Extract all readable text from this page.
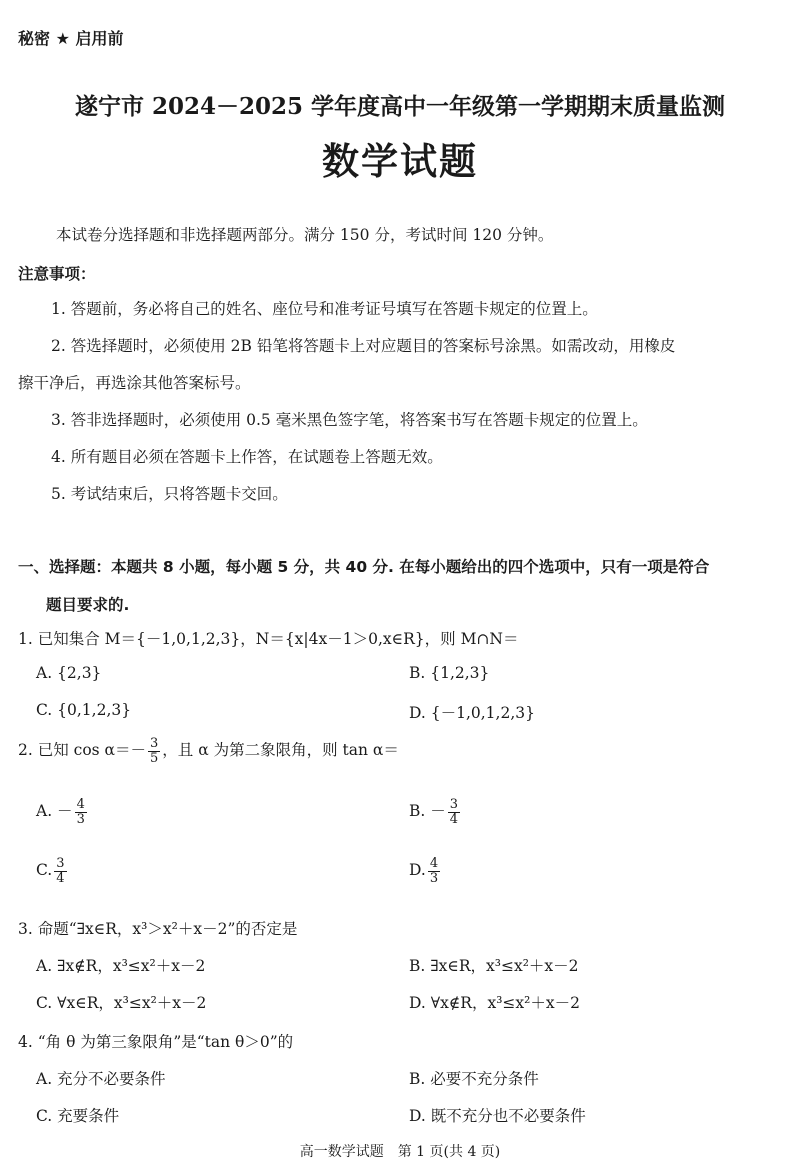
秘密 ★ 启用前
遂宁市 2024－2025 学年度高中一年级第一学期期末质量监测
数学试题
本试卷分选择题和非选择题两部分。满分 150 分，考试时间 120 分钟。
注意事项：
1. 答题前，务必将自己的姓名、座位号和准考证号填写在答题卡规定的位置上。
2. 答选择题时，必须使用 2B 铅笔将答题卡上对应题目的答案标号涂黑。如需改动，用橡皮
擦干净后，再选涂其他答案标号。
3. 答非选择题时，必须使用 0.5 毫米黑色签字笔，将答案书写在答题卡规定的位置上。
4. 所有题目必须在答题卡上作答，在试题卷上答题无效。
5. 考试结束后，只将答题卡交回。
一、选择题：本题共 8 小题，每小题 5 分，共 40 分. 在每小题给出的四个选项中，只有一项是符合
题目要求的.
1. 已知集合 M＝{－1,0,1,2,3}，N＝{x|4x－1＞0,x∈R}，则 M∩N＝
A. {2,3}	B. {1,2,3}
C. {0,1,2,3}	D. {－1,0,1,2,3}
2. 已知 $\cos \alpha=- \frac{3}{5}$ ，且 α 为第二象限角，则 tan α＝
A. － $\frac{4}{3}$	B. － $\frac{3}{4}$
C. $\frac{3}{4}$	D. $\frac{4}{3}$
3. 命题“∃x∈R，x³＞x²＋x－2”的否定是
A. ∃x∉R，x³≤x²＋x－2	B. ∃x∈R，x³≤x²＋x－2
C. ∀x∈R，x³≤x²＋x－2	D. ∀x∉R，x³≤x²＋x－2
4. “角 θ 为第三象限角”是“tan θ＞0”的
A. 充分不必要条件	B. 必要不充分条件
C. 充要条件	D. 既不充分也不必要条件
高一数学试题　第 1 页(共 4 页)
